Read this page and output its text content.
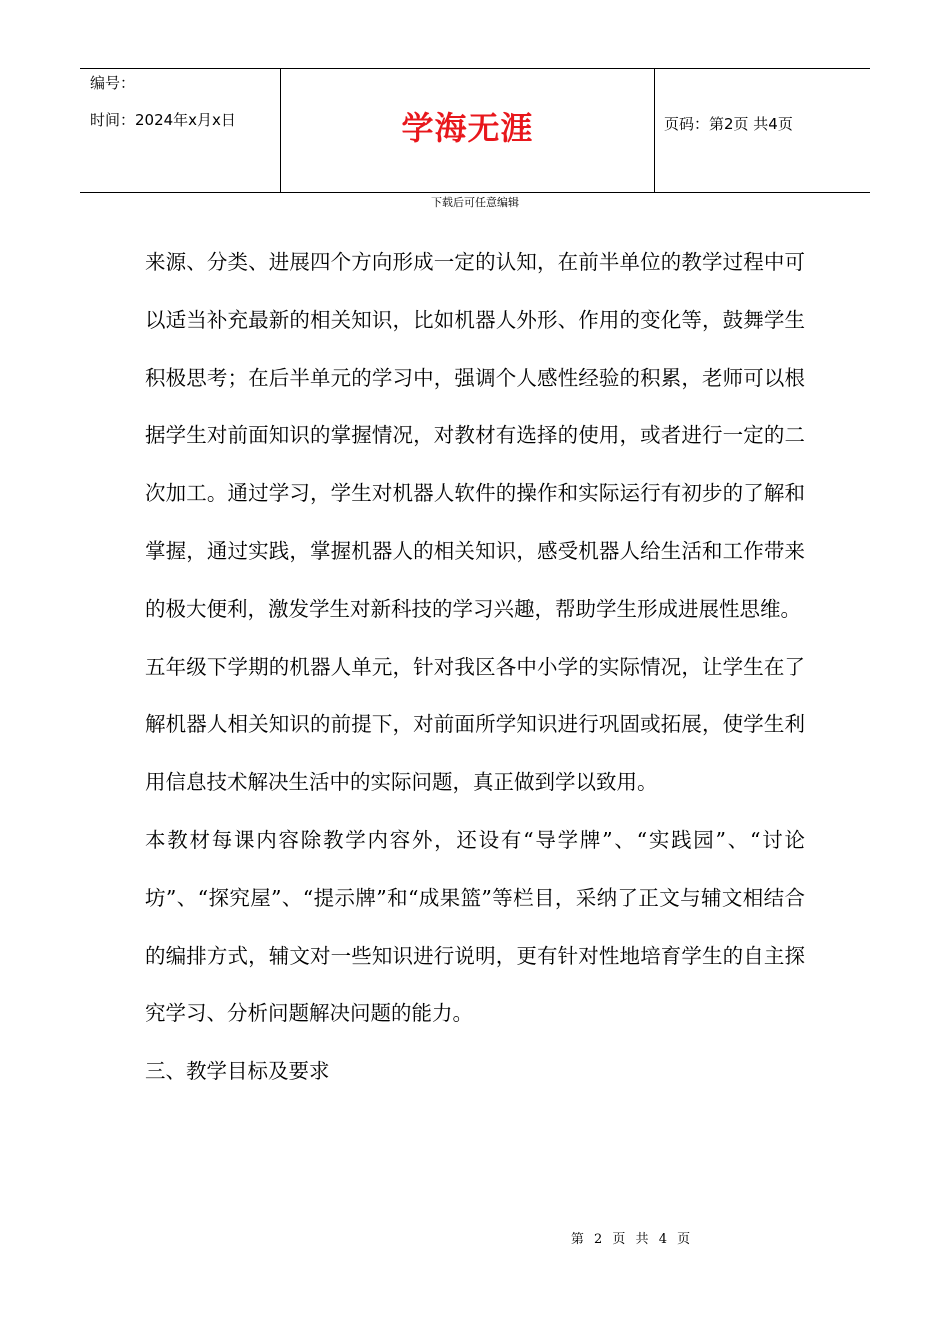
编号：
时间：2024年x月x日	学海无涯	页码：第2页 共4页
下载后可任意编辑

来源、分类、进展四个方向形成一定的认知，在前半单位的教学过程中可以适当补充最新的相关知识，比如机器人外形、作用的变化等，鼓舞学生积极思考；在后半单元的学习中，强调个人感性经验的积累，老师可以根据学生对前面知识的掌握情况，对教材有选择的使用，或者进行一定的二次加工。通过学习，学生对机器人软件的操作和实际运行有初步的了解和掌握，通过实践，掌握机器人的相关知识，感受机器人给生活和工作带来的极大便利，激发学生对新科技的学习兴趣，帮助学生形成进展性思维。

五年级下学期的机器人单元，针对我区各中小学的实际情况，让学生在了解机器人相关知识的前提下，对前面所学知识进行巩固或拓展，使学生利用信息技术解决生活中的实际问题，真正做到学以致用。

本教材每课内容除教学内容外，还设有“导学牌”、“实践园”、“讨论坊”、“探究屋”、“提示牌”和“成果篮”等栏目，采纳了正文与辅文相结合的编排方式，辅文对一些知识进行说明，更有针对性地培育学生的自主探究学习、分析问题解决问题的能力。

三、教学目标及要求

第 2 页 共 4 页
